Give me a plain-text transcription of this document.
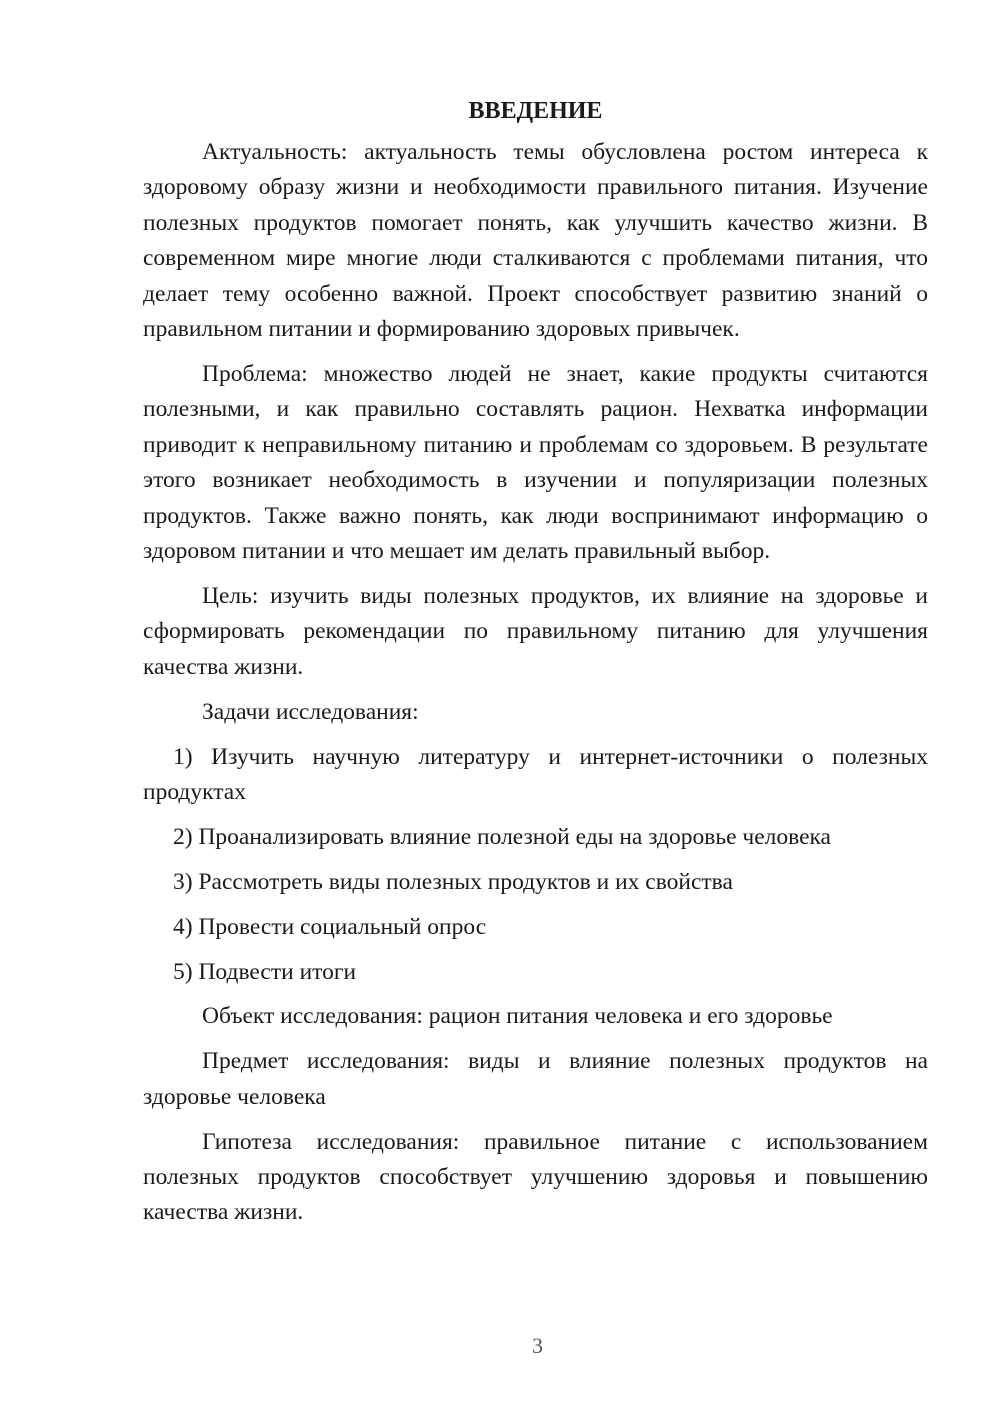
ВВЕДЕНИЕ

Актуальность: актуальность темы обусловлена ростом интереса к здоровому образу жизни и необходимости правильного питания. Изучение полезных продуктов помогает понять, как улучшить качество жизни. В современном мире многие люди сталкиваются с проблемами питания, что делает тему особенно важной. Проект способствует развитию знаний о правильном питании и формированию здоровых привычек.

Проблема: множество людей не знает, какие продукты считаются полезными, и как правильно составлять рацион. Нехватка информации приводит к неправильному питанию и проблемам со здоровьем. В результате этого возникает необходимость в изучении и популяризации полезных продуктов. Также важно понять, как люди воспринимают информацию о здоровом питании и что мешает им делать правильный выбор.

Цель: изучить виды полезных продуктов, их влияние на здоровье и сформировать рекомендации по правильному питанию для улучшения качества жизни.

Задачи исследования:

1) Изучить научную литературу и интернет-источники о полезных продуктах

2) Проанализировать влияние полезной еды на здоровье человека

3) Рассмотреть виды полезных продуктов и их свойства

4) Провести социальный опрос

5) Подвести итоги

Объект исследования: рацион питания человека и его здоровье

Предмет исследования: виды и влияние полезных продуктов на здоровье человека

Гипотеза исследования: правильное питание с использованием полезных продуктов способствует улучшению здоровья и повышению качества жизни.

3
